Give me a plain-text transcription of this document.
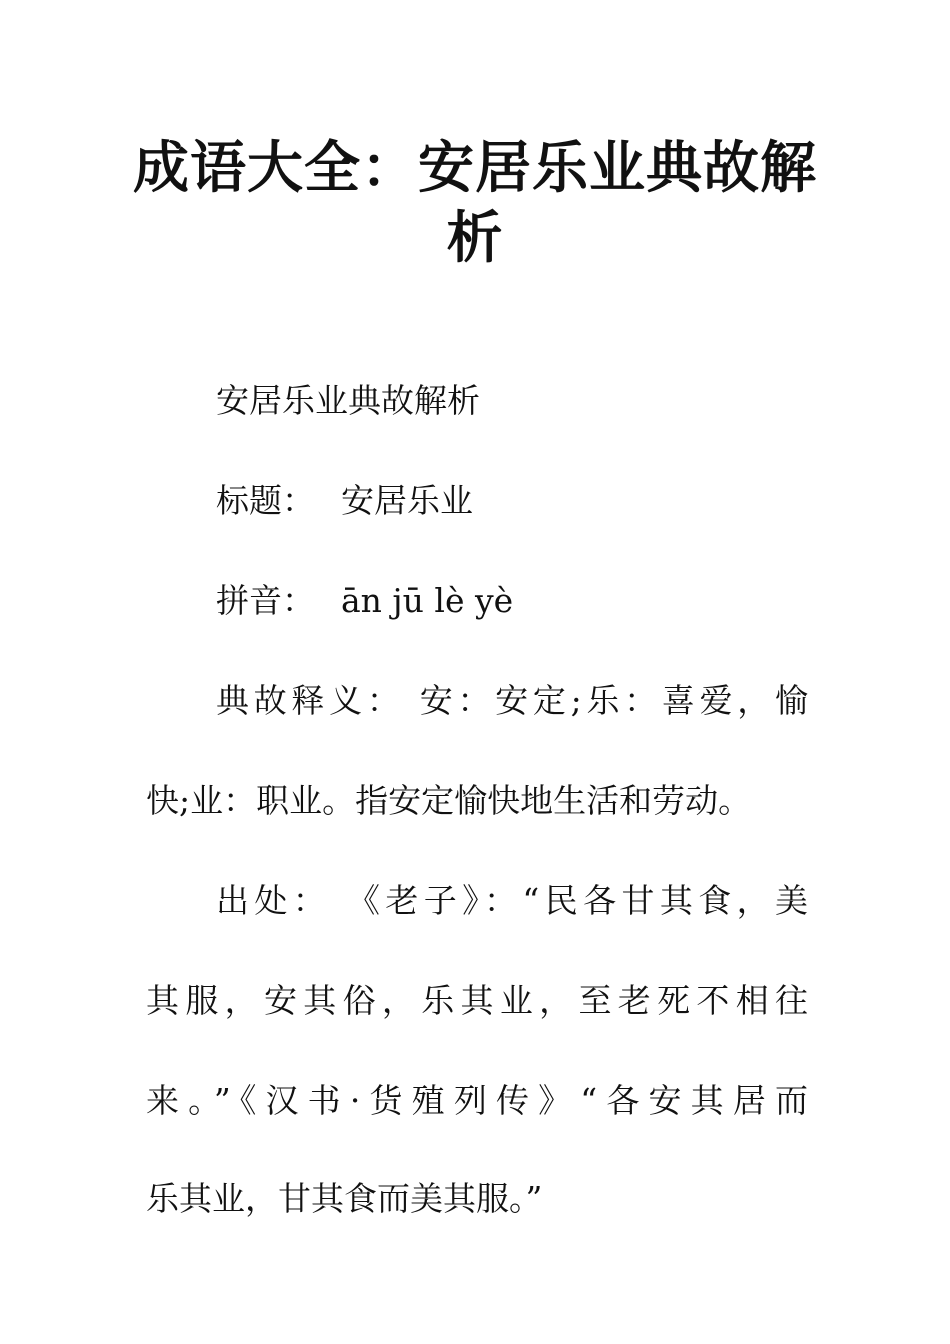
成语大全：安居乐业典故解析

安居乐业典故解析

标题： 安居乐业

拼音： ān jū lè yè

典故释义： 安：安定;乐：喜爱，愉

快;业：职业。指安定愉快地生活和劳动。

出处： 《老子》：“民各甘其食，美

其服，安其俗，乐其业，至老死不相往

来。”《汉书·货殖列传》“各安其居而

乐其业，甘其食而美其服。”
